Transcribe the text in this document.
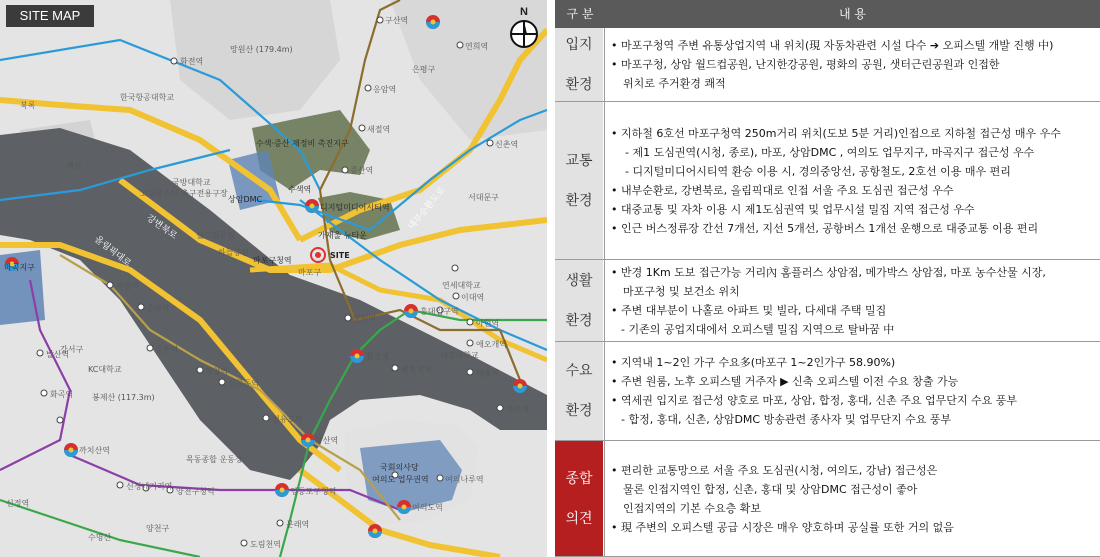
강변북로
올림픽대로
내부순환도로
SITE
수색·증산 재정비 촉진지구
상암DMC
가재울 뉴타운
마곡지구
여의도 업무권역
수색역
디지털미디어시티역
마포구청역
화전역
구산역
응암역
새절역
증산역
홍대입구역
합정역
망원역
가양역
증미역
등촌역
염창역
신목동역
선유도역
당산역
영등포구청역
여의도역
발산역
화곡역
까치산역
신정역
신정네거리역
양천구청역
문래역
도림천역
수명산
연희역
신촌역
이대역
아현역
애오개역
마포역
대흥역
광흥창역
여의나루역
망원산 (179.4m)
한국항공대학교
국방대학교
고양유소년 축구전용구장
월드컵공원
하늘공원
KC대학교
봉제산 (117.3m)
목동종합 운동장
연세대학교
서강대학교
국회의사당
은평구
서대문구
마포구
강서구
양천구
북록
재성
SITE MAP	N	구 분	내 용
입지

환경
• 마포구청역 주변 유통상업지역 내 위치(現 자동차관련 시설 다수 ➔ 오피스텔 개발 진행 中)
• 마포구청, 상암 월드컵공원, 난지한강공원, 평화의 공원, 샛터근린공원과 인접한
위치로 주거환경 쾌적
교통

환경
• 지하철 6호선 마포구청역 250m거리 위치(도보 5분 거리)인접으로 지하철 접근성 매우 우수
- 제1 도심권역(시청, 종로), 마포, 상암DMC , 여의도 업무지구, 마곡지구 접근성 우수
- 디지털미디어시티역 환승 이용 시, 경의중앙선, 공항철도, 2호선 이용 매우 편리
• 내부순환로, 강변북로, 올림픽대로 인접 서울 주요 도심권 접근성 우수
• 대중교통 및 자차 이용 시 제1도심권역 및 업무시설 밀집 지역 접근성 우수
• 인근 버스정류장 간선 7개선, 지선 5개선, 공항버스 1개선 운행으로 대중교통 이용 편리
생활

환경
• 반경 1Km 도보 접근가능 거리內 홈플러스 상암점, 메가박스 상암점, 마포 농수산물 시장,
마포구청 및 보건소 위치
• 주변 대부분이 나홀로 아파트 및 빌라, 다세대 주택 밀집
- 기존의 공업지대에서 오피스텔 밀집 지역으로 탈바꿈 中
수요

환경
• 지역내 1~2인 가구 수요多(마포구 1~2인가구 58.90%)
• 주변 원룸, 노후 오피스텔 거주자 ▶ 신축 오피스텔 이전 수요 창출 가능
• 역세권 입지로 접근성 양호로 마포, 상암, 합정, 홍대, 신촌 주요 업무단지 수요 풍부
- 합정, 홍대, 신촌, 상암DMC 방송관련 종사자 및 업무단지 수요 풍부
종합

의견
• 편리한 교통망으로 서울 주요 도심권(시청, 여의도, 강남) 접근성은
물론 인접지역인 합정, 신촌, 홍대 및 상암DMC 접근성이 좋아
인접지역의 기본 수요층 확보
• 現 주변의 오피스텔 공급 시장은 매우 양호하며 공실률 또한 거의 없음
